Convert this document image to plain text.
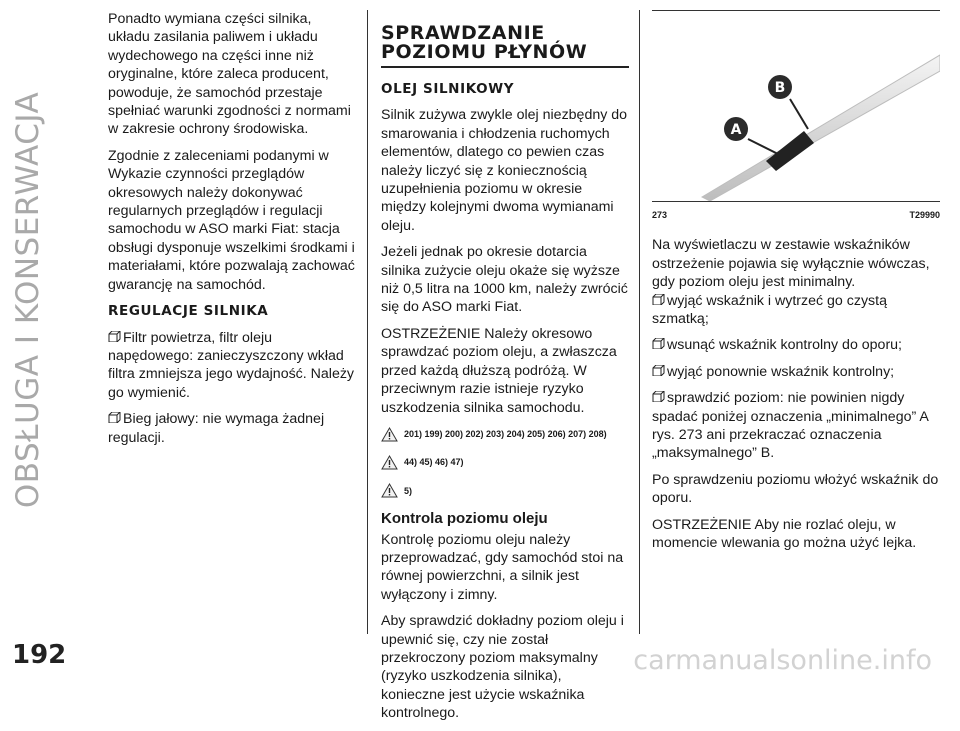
OBSŁUGA I KONSERWACJA
192	carmanualsonline.info

Ponadto wymiana części silnika, układu zasilania paliwem i układu wydechowego na części inne niż oryginalne, które zaleca producent, powoduje, że samochód przestaje spełniać warunki zgodności z normami w zakresie ochrony środowiska.

Zgodnie z zaleceniami podanymi w Wykazie czynności przeglądów okresowych należy dokonywać regularnych przeglądów i regulacji samochodu w ASO marki Fiat: stacja obsługi dysponuje wszelkimi środkami i materiałami, które pozwalają zachować gwarancję na samochód.

REGULACJE SILNIKA

Filtr powietrza, filtr oleju napędowego: zanieczyszczony wkład filtra zmniejsza jego wydajność. Należy go wymienić.

Bieg jałowy: nie wymaga żadnej regulacji.

SPRAWDZANIE
POZIOMU PŁYNÓW
OLEJ SILNIKOWY

Silnik zużywa zwykle olej niezbędny do smarowania i chłodzenia ruchomych elementów, dlatego co pewien czas należy liczyć się z koniecznością uzupełnienia poziomu w okresie między kolejnymi dwoma wymianami oleju.

Jeżeli jednak po okresie dotarcia silnika zużycie oleju okaże się wyższe niż 0,5 litra na 1000 km, należy zwrócić się do ASO marki Fiat.

OSTRZEŻENIE Należy okresowo sprawdzać poziom oleju, a zwłaszcza przed każdą dłuższą podróżą. W przeciwnym razie istnieje ryzyko uszkodzenia silnika samochodu.

201) 199) 200) 202) 203) 204) 205) 206) 207) 208)
44) 45) 46) 47)
5)
Kontrola poziomu oleju

Kontrolę poziomu oleju należy przeprowadzać, gdy samochód stoi na równej powierzchni, a silnik jest wyłączony i zimny.

Aby sprawdzić dokładny poziom oleju i upewnić się, czy nie został przekroczony poziom maksymalny (ryzyko uszkodzenia silnika), konieczne jest użycie wskaźnika kontrolnego.

A
B
273	T29990

Na wyświetlaczu w zestawie wskaźników ostrzeżenie pojawia się wyłącznie wówczas, gdy poziom oleju jest minimalny.

wyjąć wskaźnik i wytrzeć go czystą szmatką;

wsunąć wskaźnik kontrolny do oporu;

wyjąć ponownie wskaźnik kontrolny;

sprawdzić poziom: nie powinien nigdy spadać poniżej oznaczenia „minimalnego” A rys. 273 ani przekraczać oznaczenia „maksymalnego” B.

Po sprawdzeniu poziomu włożyć wskaźnik do oporu.

OSTRZEŻENIE Aby nie rozlać oleju, w momencie wlewania go można użyć lejka.
